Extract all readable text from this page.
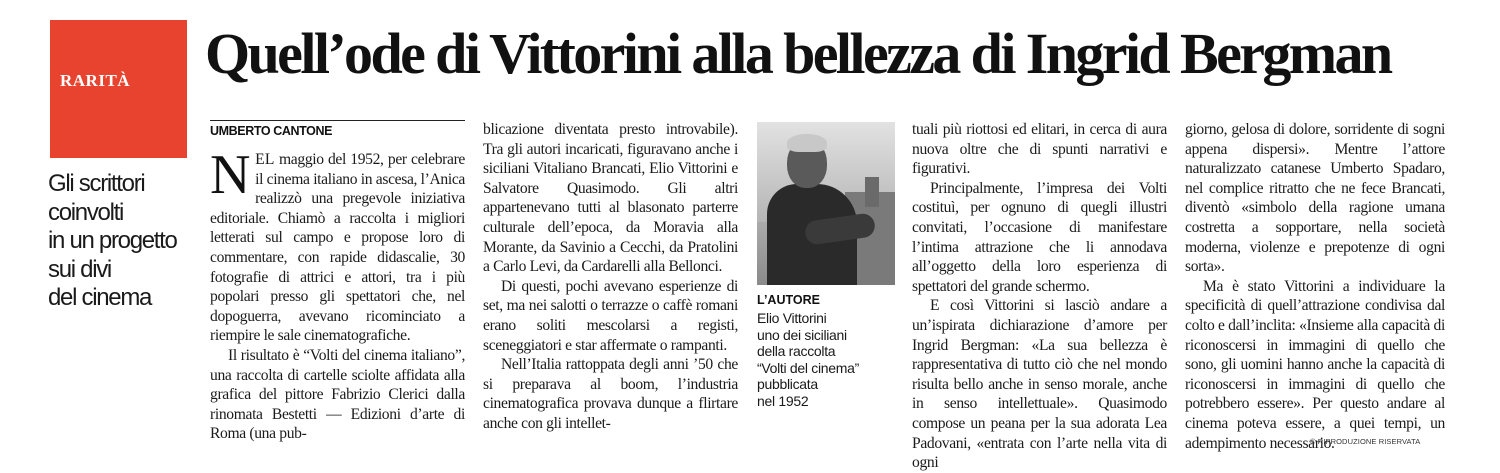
RARITÀ Quell’ode di Vittorini alla bellezza di Ingrid Bergman
Gli scrittori
coinvolti
in un progetto
sui divi
del cinema
UMBERTO CANTONE

NEL maggio del 1952, per celebrare il cinema italiano in ascesa, l’Anica realizzò una pregevole iniziativa editoriale. Chiamò a raccolta i migliori letterati sul campo e propose loro di commentare, con rapide didascalie, 30 fotografie di attrici e attori, tra i più popolari presso gli spettatori che, nel dopoguerra, avevano ricominciato a riempire le sale cinematografiche.

Il risultato è “Volti del cinema italiano”, una raccolta di cartelle sciolte affidata alla grafica del pittore Fabrizio Clerici dalla rinomata Bestetti — Edizioni d’arte di Roma (una pub-

blicazione diventata presto introvabile). Tra gli autori incaricati, figuravano anche i siciliani Vitaliano Brancati, Elio Vittorini e Salvatore Quasimodo. Gli altri appartenevano tutti al blasonato parterre culturale dell’epoca, da Moravia alla Morante, da Savinio a Cecchi, da Pratolini a Carlo Levi, da Cardarelli alla Bellonci.

Di questi, pochi avevano esperienze di set, ma nei salotti o terrazze o caffè romani erano soliti mescolarsi a registi, sceneggiatori e star affermate o rampanti.

Nell’Italia rattoppata degli anni ’50 che si preparava al boom, l’industria cinematografica provava dunque a flirtare anche con gli intellet-

L’AUTORE
Elio Vittorini
uno dei siciliani
della raccolta
“Volti del cinema”
pubblicata
nel 1952

tuali più riottosi ed elitari, in cerca di aura nuova oltre che di spunti narrativi e figurativi.

Principalmente, l’impresa dei Volti costituì, per ognuno di quegli illustri convitati, l’occasione di manifestare l’intima attrazione che li annodava all’oggetto della loro esperienza di spettatori del grande schermo.

E così Vittorini si lasciò andare a un’ispirata dichiarazione d’amore per Ingrid Bergman: «La sua bellezza è rappresentativa di tutto ciò che nel mondo risulta bello anche in senso morale, anche in senso intellettuale». Quasimodo compose un peana per la sua adorata Lea Padovani, «entrata con l’arte nella vita di ogni

giorno, gelosa di dolore, sorridente di sogni appena dispersi». Mentre l’attore naturalizzato catanese Umberto Spadaro, nel complice ritratto che ne fece Brancati, diventò «simbolo della ragione umana costretta a sopportare, nella società moderna, violenze e prepotenze di ogni sorta».

Ma è stato Vittorini a individuare la specificità di quell’attrazione condivisa dal colto e dall’inclita: «Insieme alla capacità di riconoscersi in immagini di quello che sono, gli uomini hanno anche la capacità di riconoscersi in immagini di quello che potrebbero essere». Per questo andare al cinema poteva essere, a quei tempi, un adempimento necessario.

© RIPRODUZIONE RISERVATA
